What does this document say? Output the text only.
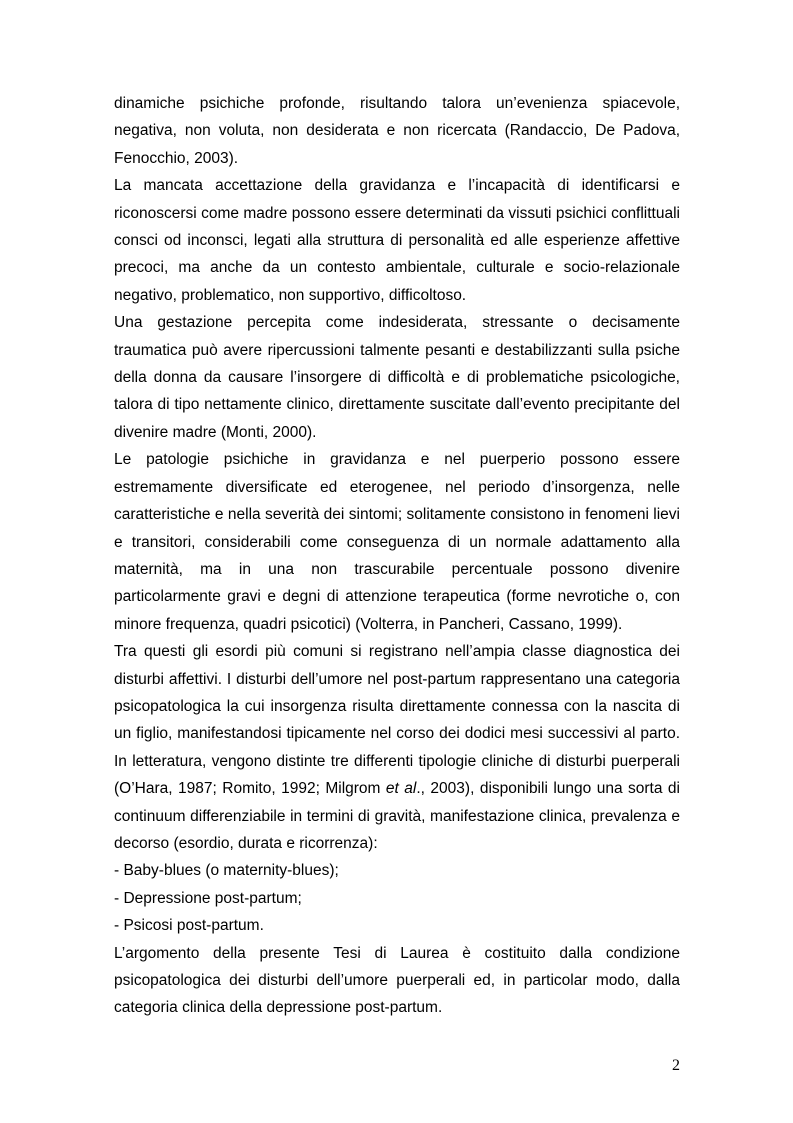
dinamiche psichiche profonde, risultando talora un’evenienza spiacevole, negativa, non voluta, non desiderata e non ricercata (Randaccio, De Padova, Fenocchio, 2003).

La mancata accettazione della gravidanza e l’incapacità di identificarsi e riconoscersi come madre possono essere determinati da vissuti psichici conflittuali consci od inconsci, legati alla struttura di personalità ed alle esperienze affettive precoci, ma anche da un contesto ambientale, culturale e socio-relazionale negativo, problematico, non supportivo, difficoltoso.

Una gestazione percepita come indesiderata, stressante o decisamente traumatica può avere ripercussioni talmente pesanti e destabilizzanti sulla psiche della donna da causare l’insorgere di difficoltà e di problematiche psicologiche, talora di tipo nettamente clinico, direttamente suscitate dall’evento precipitante del divenire madre (Monti, 2000).

Le patologie psichiche in gravidanza e nel puerperio possono essere estremamente diversificate ed eterogenee, nel periodo d’insorgenza, nelle caratteristiche e nella severità dei sintomi; solitamente consistono in fenomeni lievi e transitori, considerabili come conseguenza di un normale adattamento alla maternità, ma in una non trascurabile percentuale possono divenire particolarmente gravi e degni di attenzione terapeutica (forme nevrotiche o, con minore frequenza, quadri psicotici) (Volterra, in Pancheri, Cassano, 1999).

Tra questi gli esordi più comuni si registrano nell’ampia classe diagnostica dei disturbi affettivi. I disturbi dell’umore nel post-partum rappresentano una categoria psicopatologica la cui insorgenza risulta direttamente connessa con la nascita di un figlio, manifestandosi tipicamente nel corso dei dodici mesi successivi al parto. In letteratura, vengono distinte tre differenti tipologie cliniche di disturbi puerperali (O’Hara, 1987; Romito, 1992; Milgrom et al., 2003), disponibili lungo una sorta di continuum differenziabile in termini di gravità, manifestazione clinica, prevalenza e decorso (esordio, durata e ricorrenza):

- Baby-blues (o maternity-blues);

- Depressione post-partum;

- Psicosi post-partum.

L’argomento della presente Tesi di Laurea è costituito dalla condizione psicopatologica dei disturbi dell’umore puerperali ed, in particolar modo, dalla categoria clinica della depressione post-partum.

2
